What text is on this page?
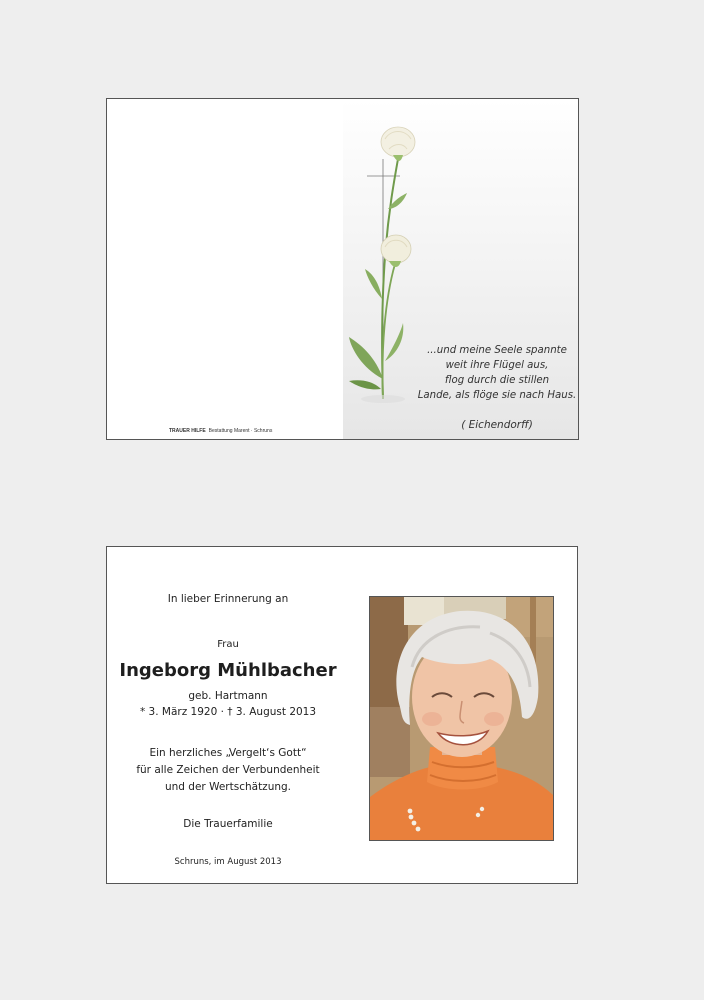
TRAUER HILFE Bestattung Marent · Schruns
...und meine Seele spannte
weit ihre Flügel aus,
flog durch die stillen
Lande, als flöge sie nach Haus.
( Eichendorff)
In lieber Erinnerung an
Frau
Ingeborg Mühlbacher
geb. Hartmann
* 3. März 1920 · † 3. August 2013
Ein herzliches „Vergelt‘s Gott“
für alle Zeichen der Verbundenheit
und der Wertschätzung.
Die Trauerfamilie
Schruns, im August 2013
